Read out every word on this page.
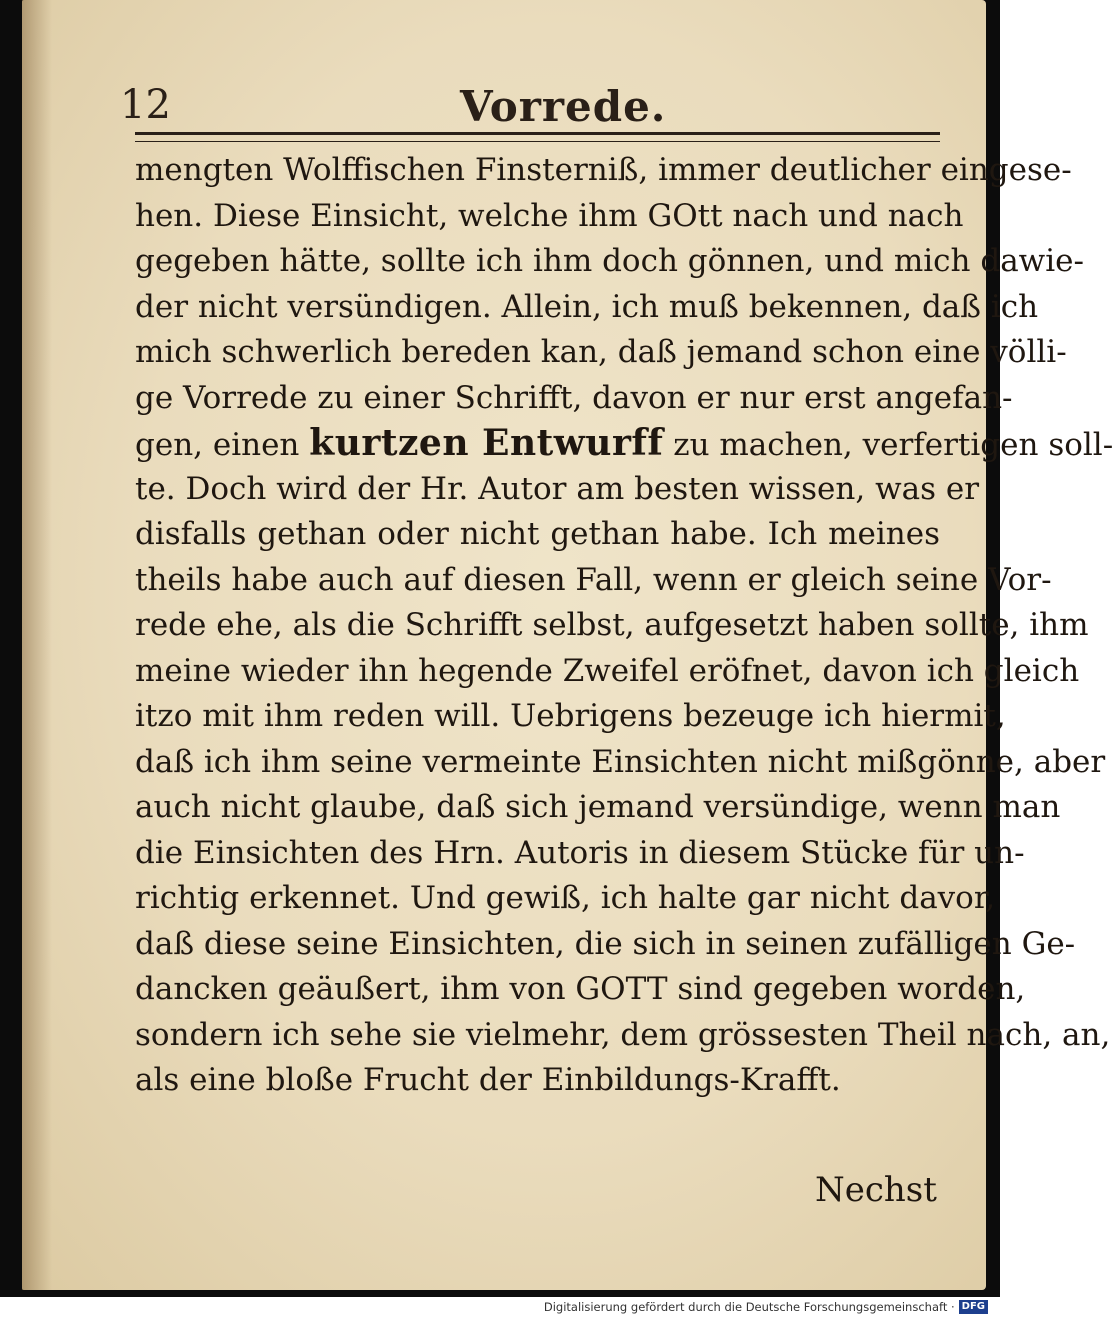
12	Vorrede.
mengten Wolffischen Finsterniß, immer deutlicher eingese-
hen. Diese Einsicht, welche ihm GOtt nach und nach
gegeben hätte, sollte ich ihm doch gönnen, und mich dawie-
der nicht versündigen. Allein, ich muß bekennen, daß ich
mich schwerlich bereden kan, daß jemand schon eine völli-
ge Vorrede zu einer Schrifft, davon er nur erst angefan-
gen, einen kurtzen Entwurff zu machen, verfertigen soll-
te. Doch wird der Hr. Autor am besten wissen, was er
disfalls gethan oder nicht gethan habe. Ich meines
theils habe auch auf diesen Fall, wenn er gleich seine Vor-
rede ehe, als die Schrifft selbst, aufgesetzt haben sollte, ihm
meine wieder ihn hegende Zweifel eröfnet, davon ich gleich
itzo mit ihm reden will. Uebrigens bezeuge ich hiermit,
daß ich ihm seine vermeinte Einsichten nicht mißgönne, aber
auch nicht glaube, daß sich jemand versündige, wenn man
die Einsichten des Hrn. Autoris in diesem Stücke für un-
richtig erkennet. Und gewiß, ich halte gar nicht davor,
daß diese seine Einsichten, die sich in seinen zufälligen Ge-
dancken geäußert, ihm von GOTT sind gegeben worden,
sondern ich sehe sie vielmehr, dem grössesten Theil nach, an,
als eine bloße Frucht der Einbildungs-Krafft.
Nechst
Digitalisierung gefördert durch die Deutsche Forschungsgemeinschaft · DFG
